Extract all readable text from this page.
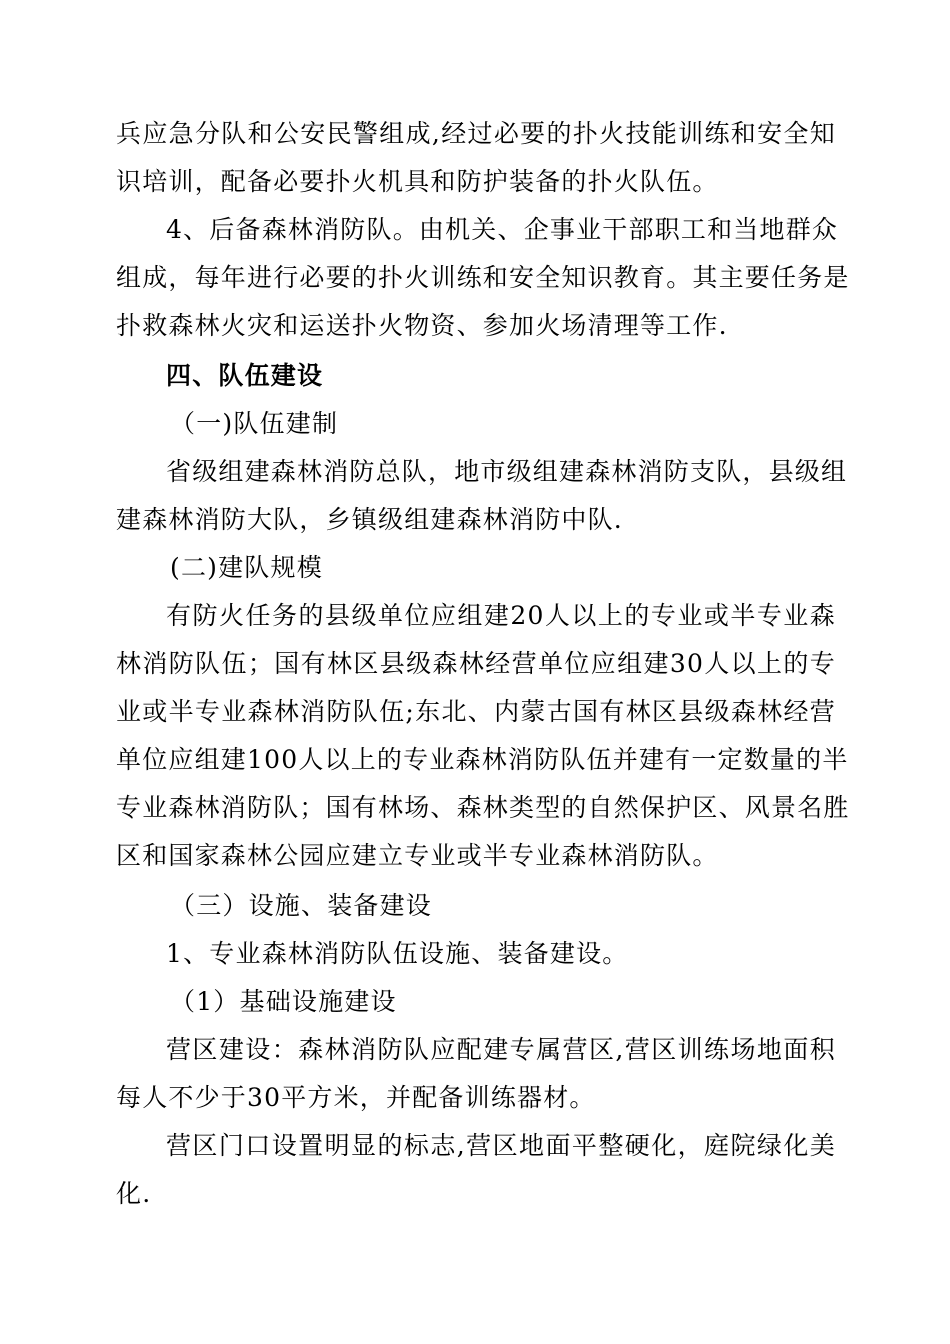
兵应急分队和公安民警组成,经过必要的扑火技能训练和安全知
识培训，配备必要扑火机具和防护装备的扑火队伍。
4、后备森林消防队。由机关、企事业干部职工和当地群众
组成，每年进行必要的扑火训练和安全知识教育。其主要任务是
扑救森林火灾和运送扑火物资、参加火场清理等工作.
四、队伍建设
（一)队伍建制
省级组建森林消防总队，地市级组建森林消防支队，县级组
建森林消防大队，乡镇级组建森林消防中队.
(二)建队规模
有防火任务的县级单位应组建20人以上的专业或半专业森
林消防队伍；国有林区县级森林经营单位应组建30人以上的专
业或半专业森林消防队伍;东北、内蒙古国有林区县级森林经营
单位应组建100人以上的专业森林消防队伍并建有一定数量的半
专业森林消防队；国有林场、森林类型的自然保护区、风景名胜
区和国家森林公园应建立专业或半专业森林消防队。
（三）设施、装备建设
1、专业森林消防队伍设施、装备建设。
（1）基础设施建设
营区建设：森林消防队应配建专属营区,营区训练场地面积
每人不少于30平方米，并配备训练器材。
营区门口设置明显的标志,营区地面平整硬化，庭院绿化美
化.
